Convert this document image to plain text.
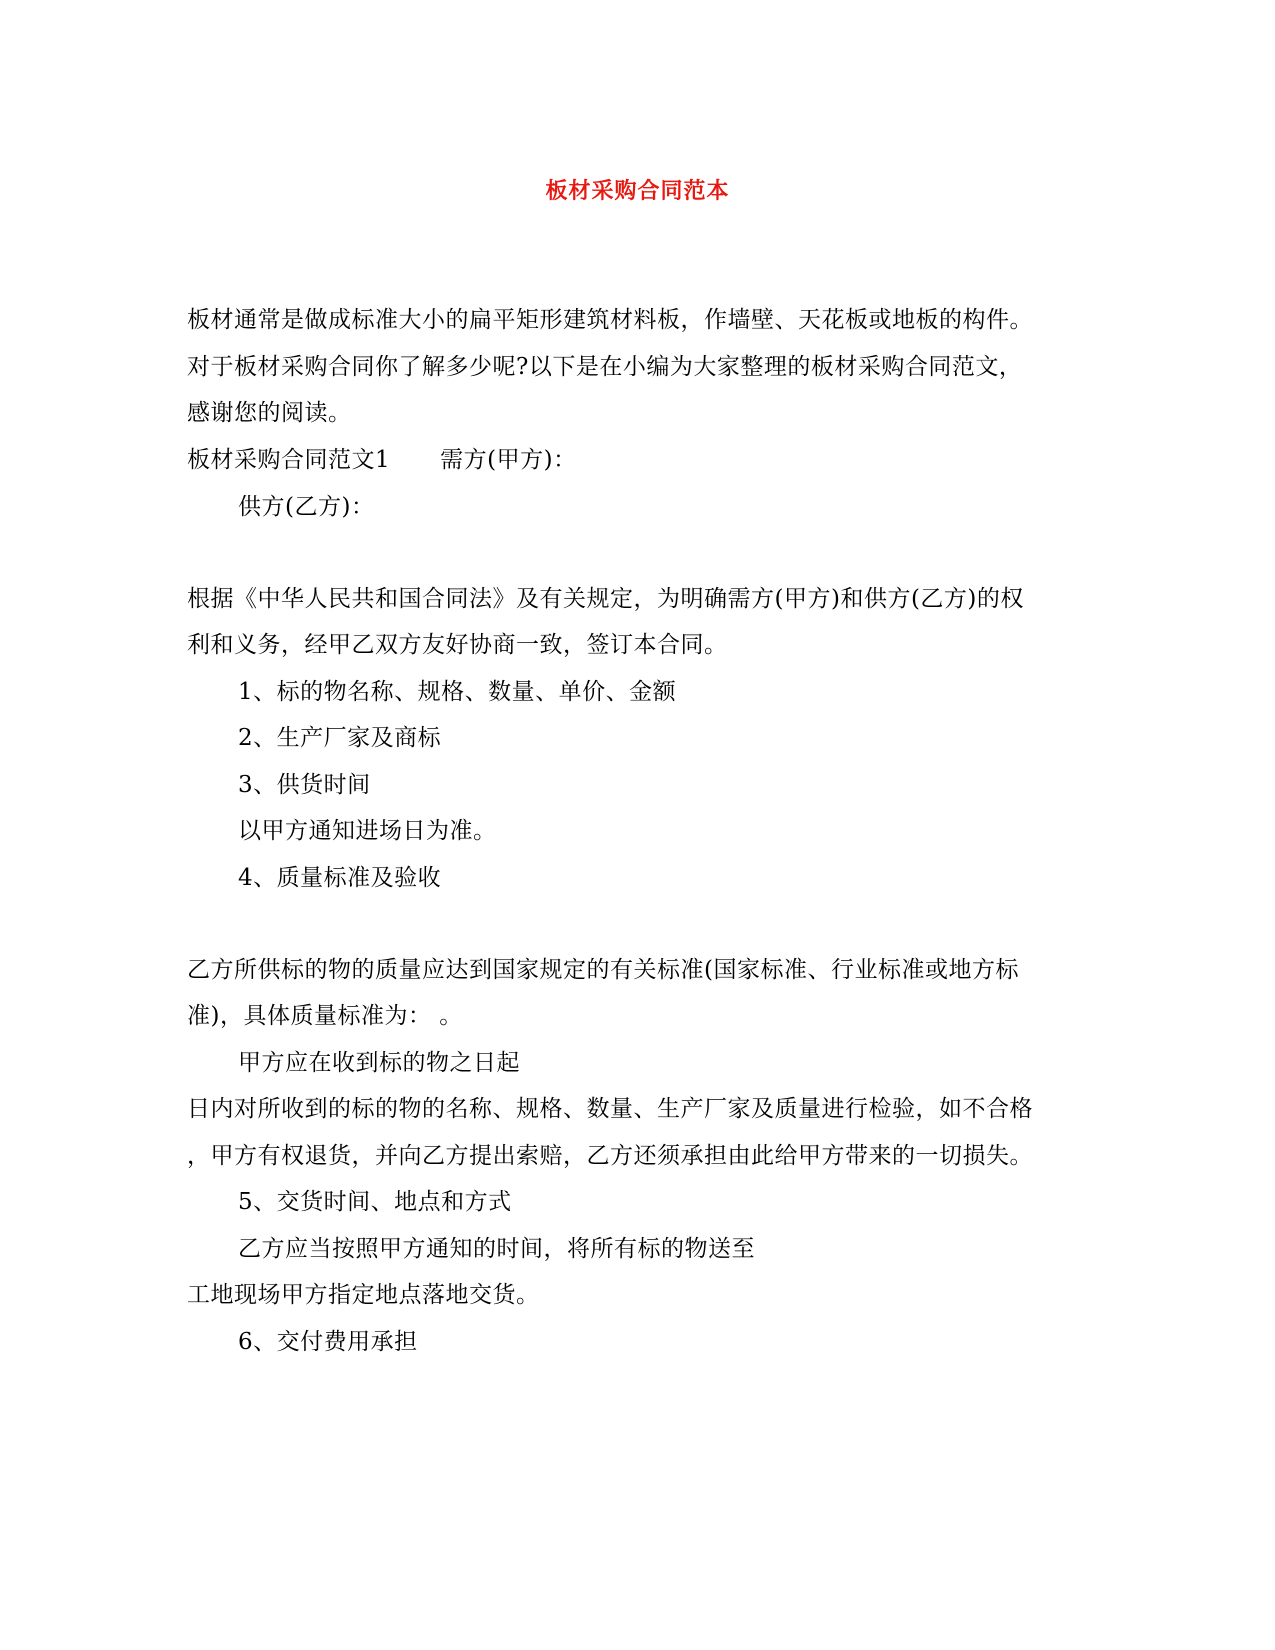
板材采购合同范本
板材通常是做成标准大小的扁平矩形建筑材料板，作墙壁、天花板或地板的构件。
对于板材采购合同你了解多少呢?以下是在小编为大家整理的板材采购合同范文，
感谢您的阅读。
板材采购合同范文1 需方(甲方)：
供方(乙方)：
根据《中华人民共和国合同法》及有关规定，为明确需方(甲方)和供方(乙方)的权
利和义务，经甲乙双方友好协商一致，签订本合同。
1、标的物名称、规格、数量、单价、金额
2、生产厂家及商标
3、供货时间
以甲方通知进场日为准。
4、质量标准及验收
乙方所供标的物的质量应达到国家规定的有关标准(国家标准、行业标准或地方标
准)，具体质量标准为： 。
甲方应在收到标的物之日起
日内对所收到的标的物的名称、规格、数量、生产厂家及质量进行检验，如不合格
，甲方有权退货，并向乙方提出索赔，乙方还须承担由此给甲方带来的一切损失。
5、交货时间、地点和方式
乙方应当按照甲方通知的时间，将所有标的物送至
工地现场甲方指定地点落地交货。
6、交付费用承担
